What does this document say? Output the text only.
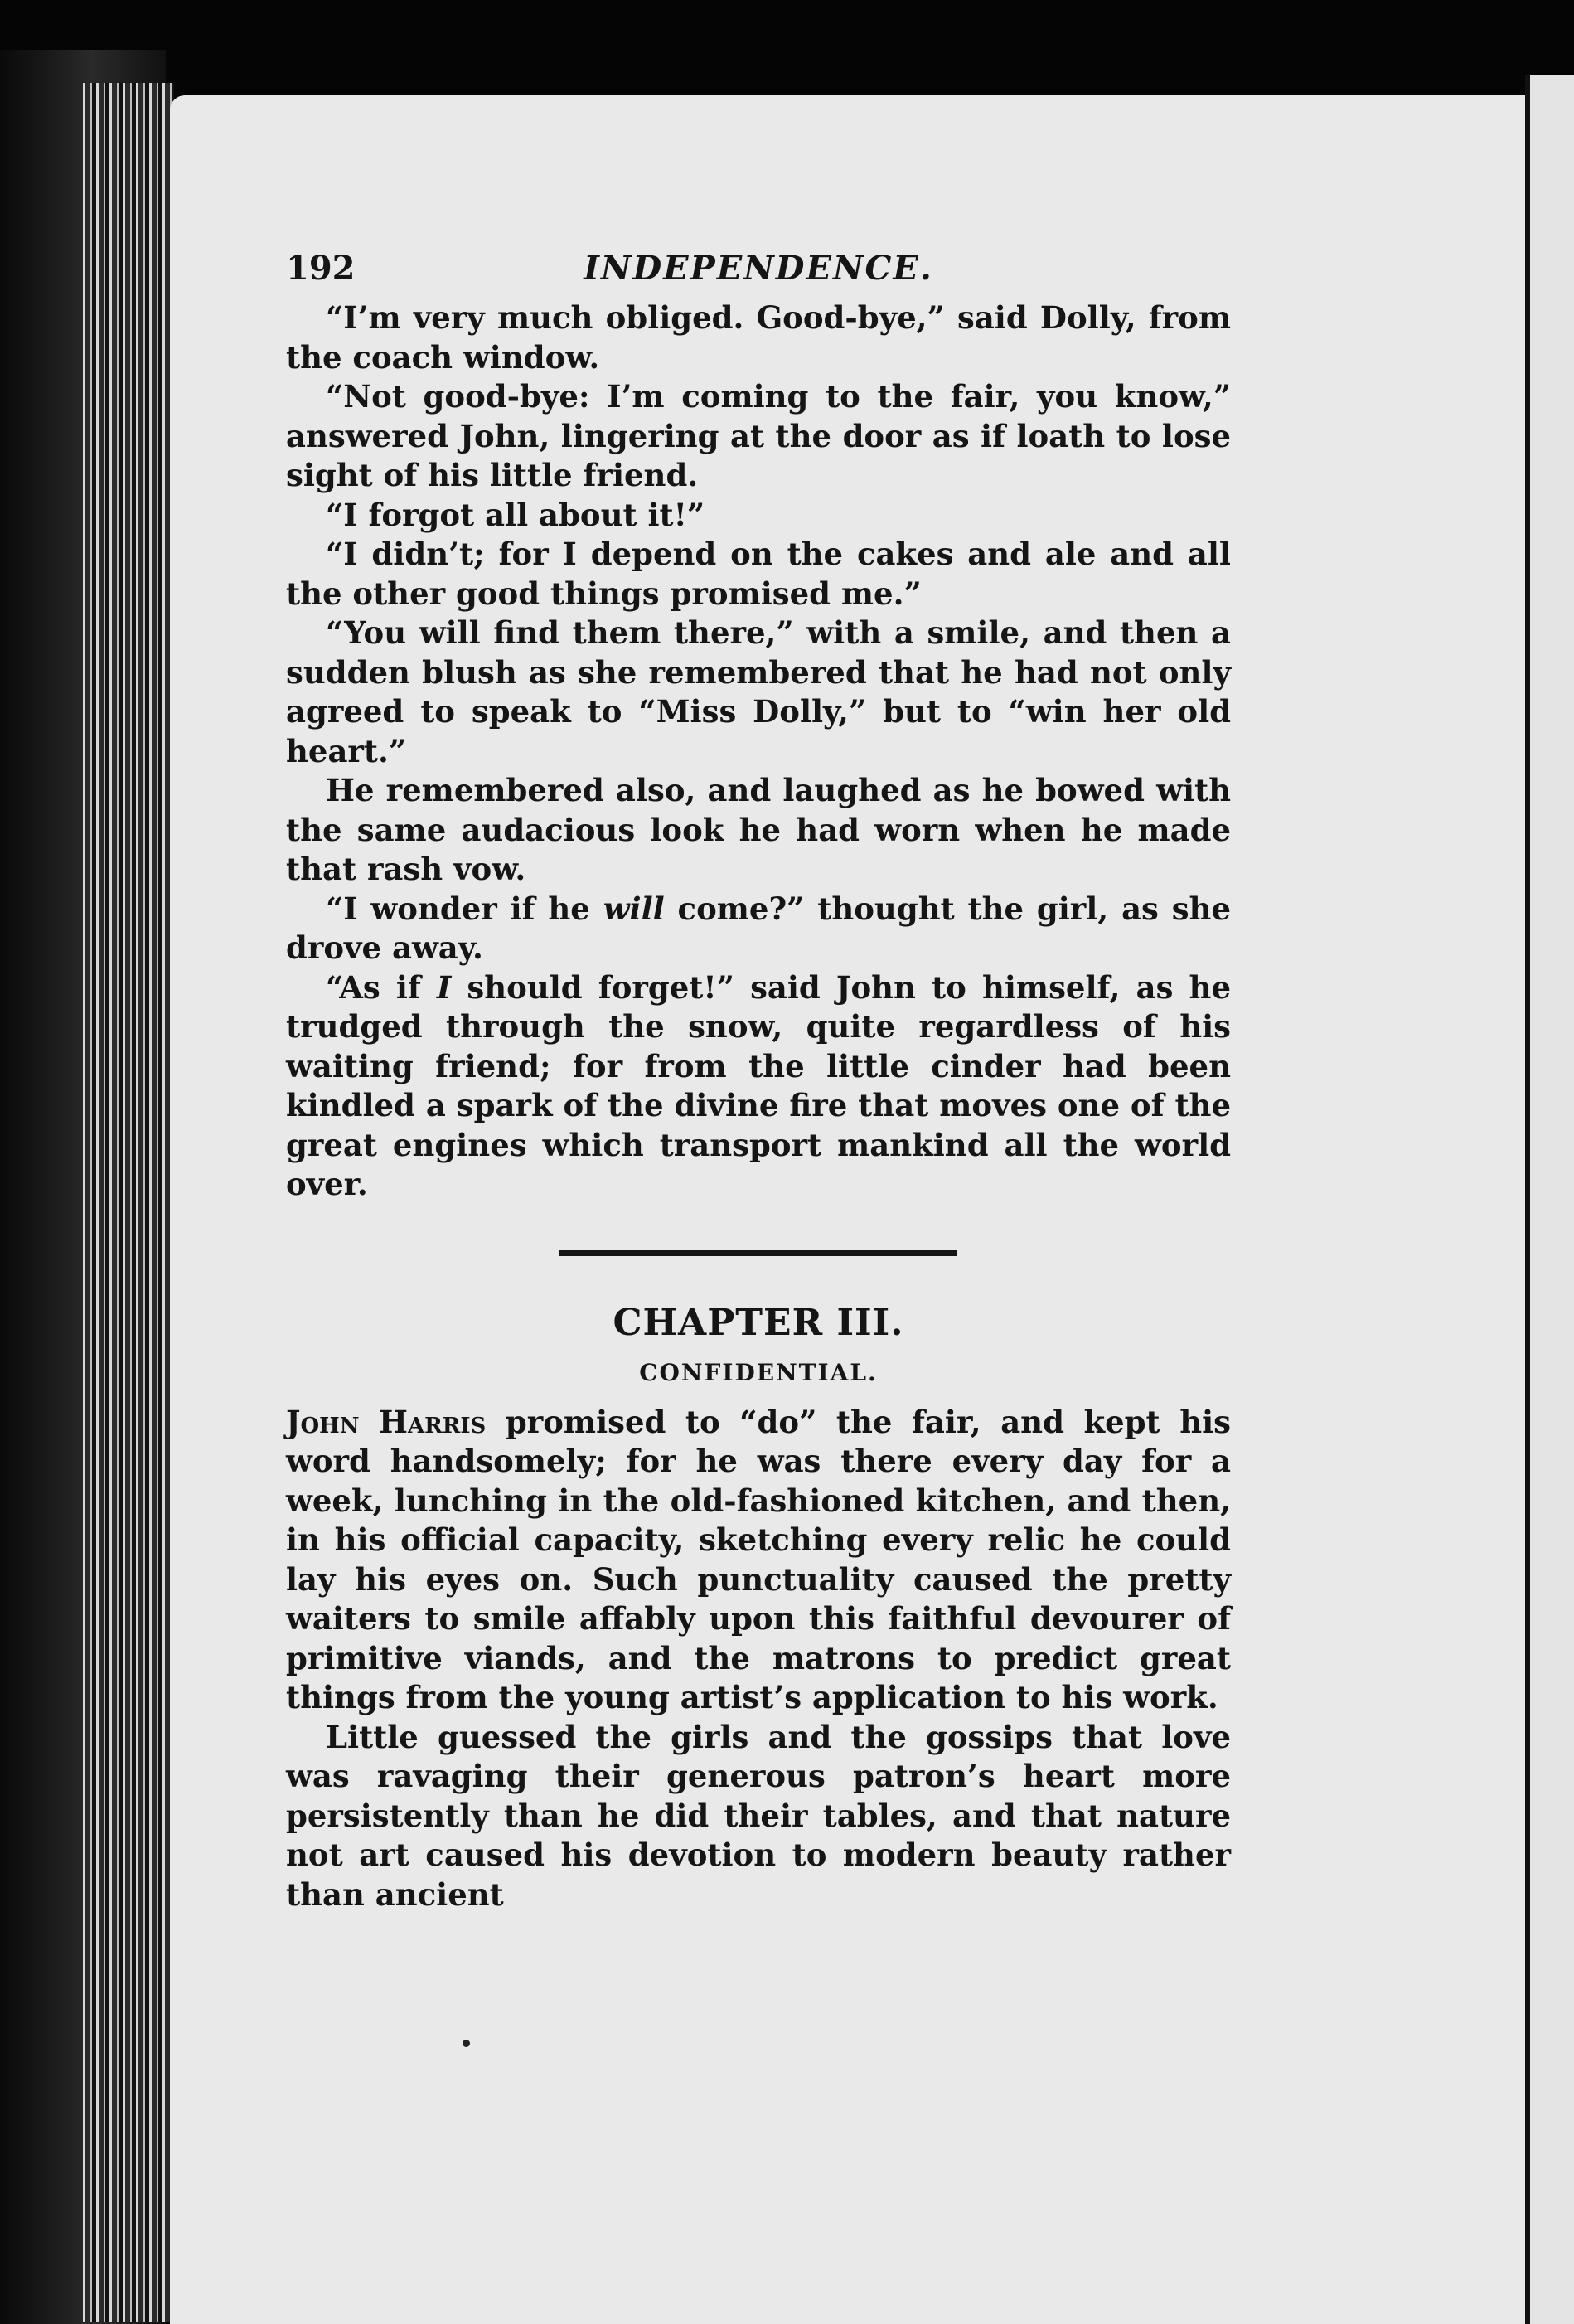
192	INDEPENDENCE.

“I’m very much obliged. Good-bye,” said Dolly, from the coach window.

“Not good-bye: I’m coming to the fair, you know,” answered John, lingering at the door as if loath to lose sight of his little friend.

“I forgot all about it!”

“I didn’t; for I depend on the cakes and ale and all the other good things promised me.”

“You will find them there,” with a smile, and then a sudden blush as she remembered that he had not only agreed to speak to “Miss Dolly,” but to “win her old heart.”

He remembered also, and laughed as he bowed with the same audacious look he had worn when he made that rash vow.

“I wonder if he will come?” thought the girl, as she drove away.

“As if I should forget!” said John to himself, as he trudged through the snow, quite regardless of his waiting friend; for from the little cinder had been kindled a spark of the divine fire that moves one of the great engines which transport mankind all the world over.

CHAPTER III.
CONFIDENTIAL.

John Harris promised to “do” the fair, and kept his word handsomely; for he was there every day for a week, lunching in the old-fashioned kitchen, and then, in his official capacity, sketching every relic he could lay his eyes on. Such punctuality caused the pretty waiters to smile affably upon this faithful devourer of primitive viands, and the matrons to predict great things from the young artist’s application to his work.

Little guessed the girls and the gossips that love was ravaging their generous patron’s heart more persistently than he did their tables, and that nature not art caused his devotion to modern beauty rather than ancient
